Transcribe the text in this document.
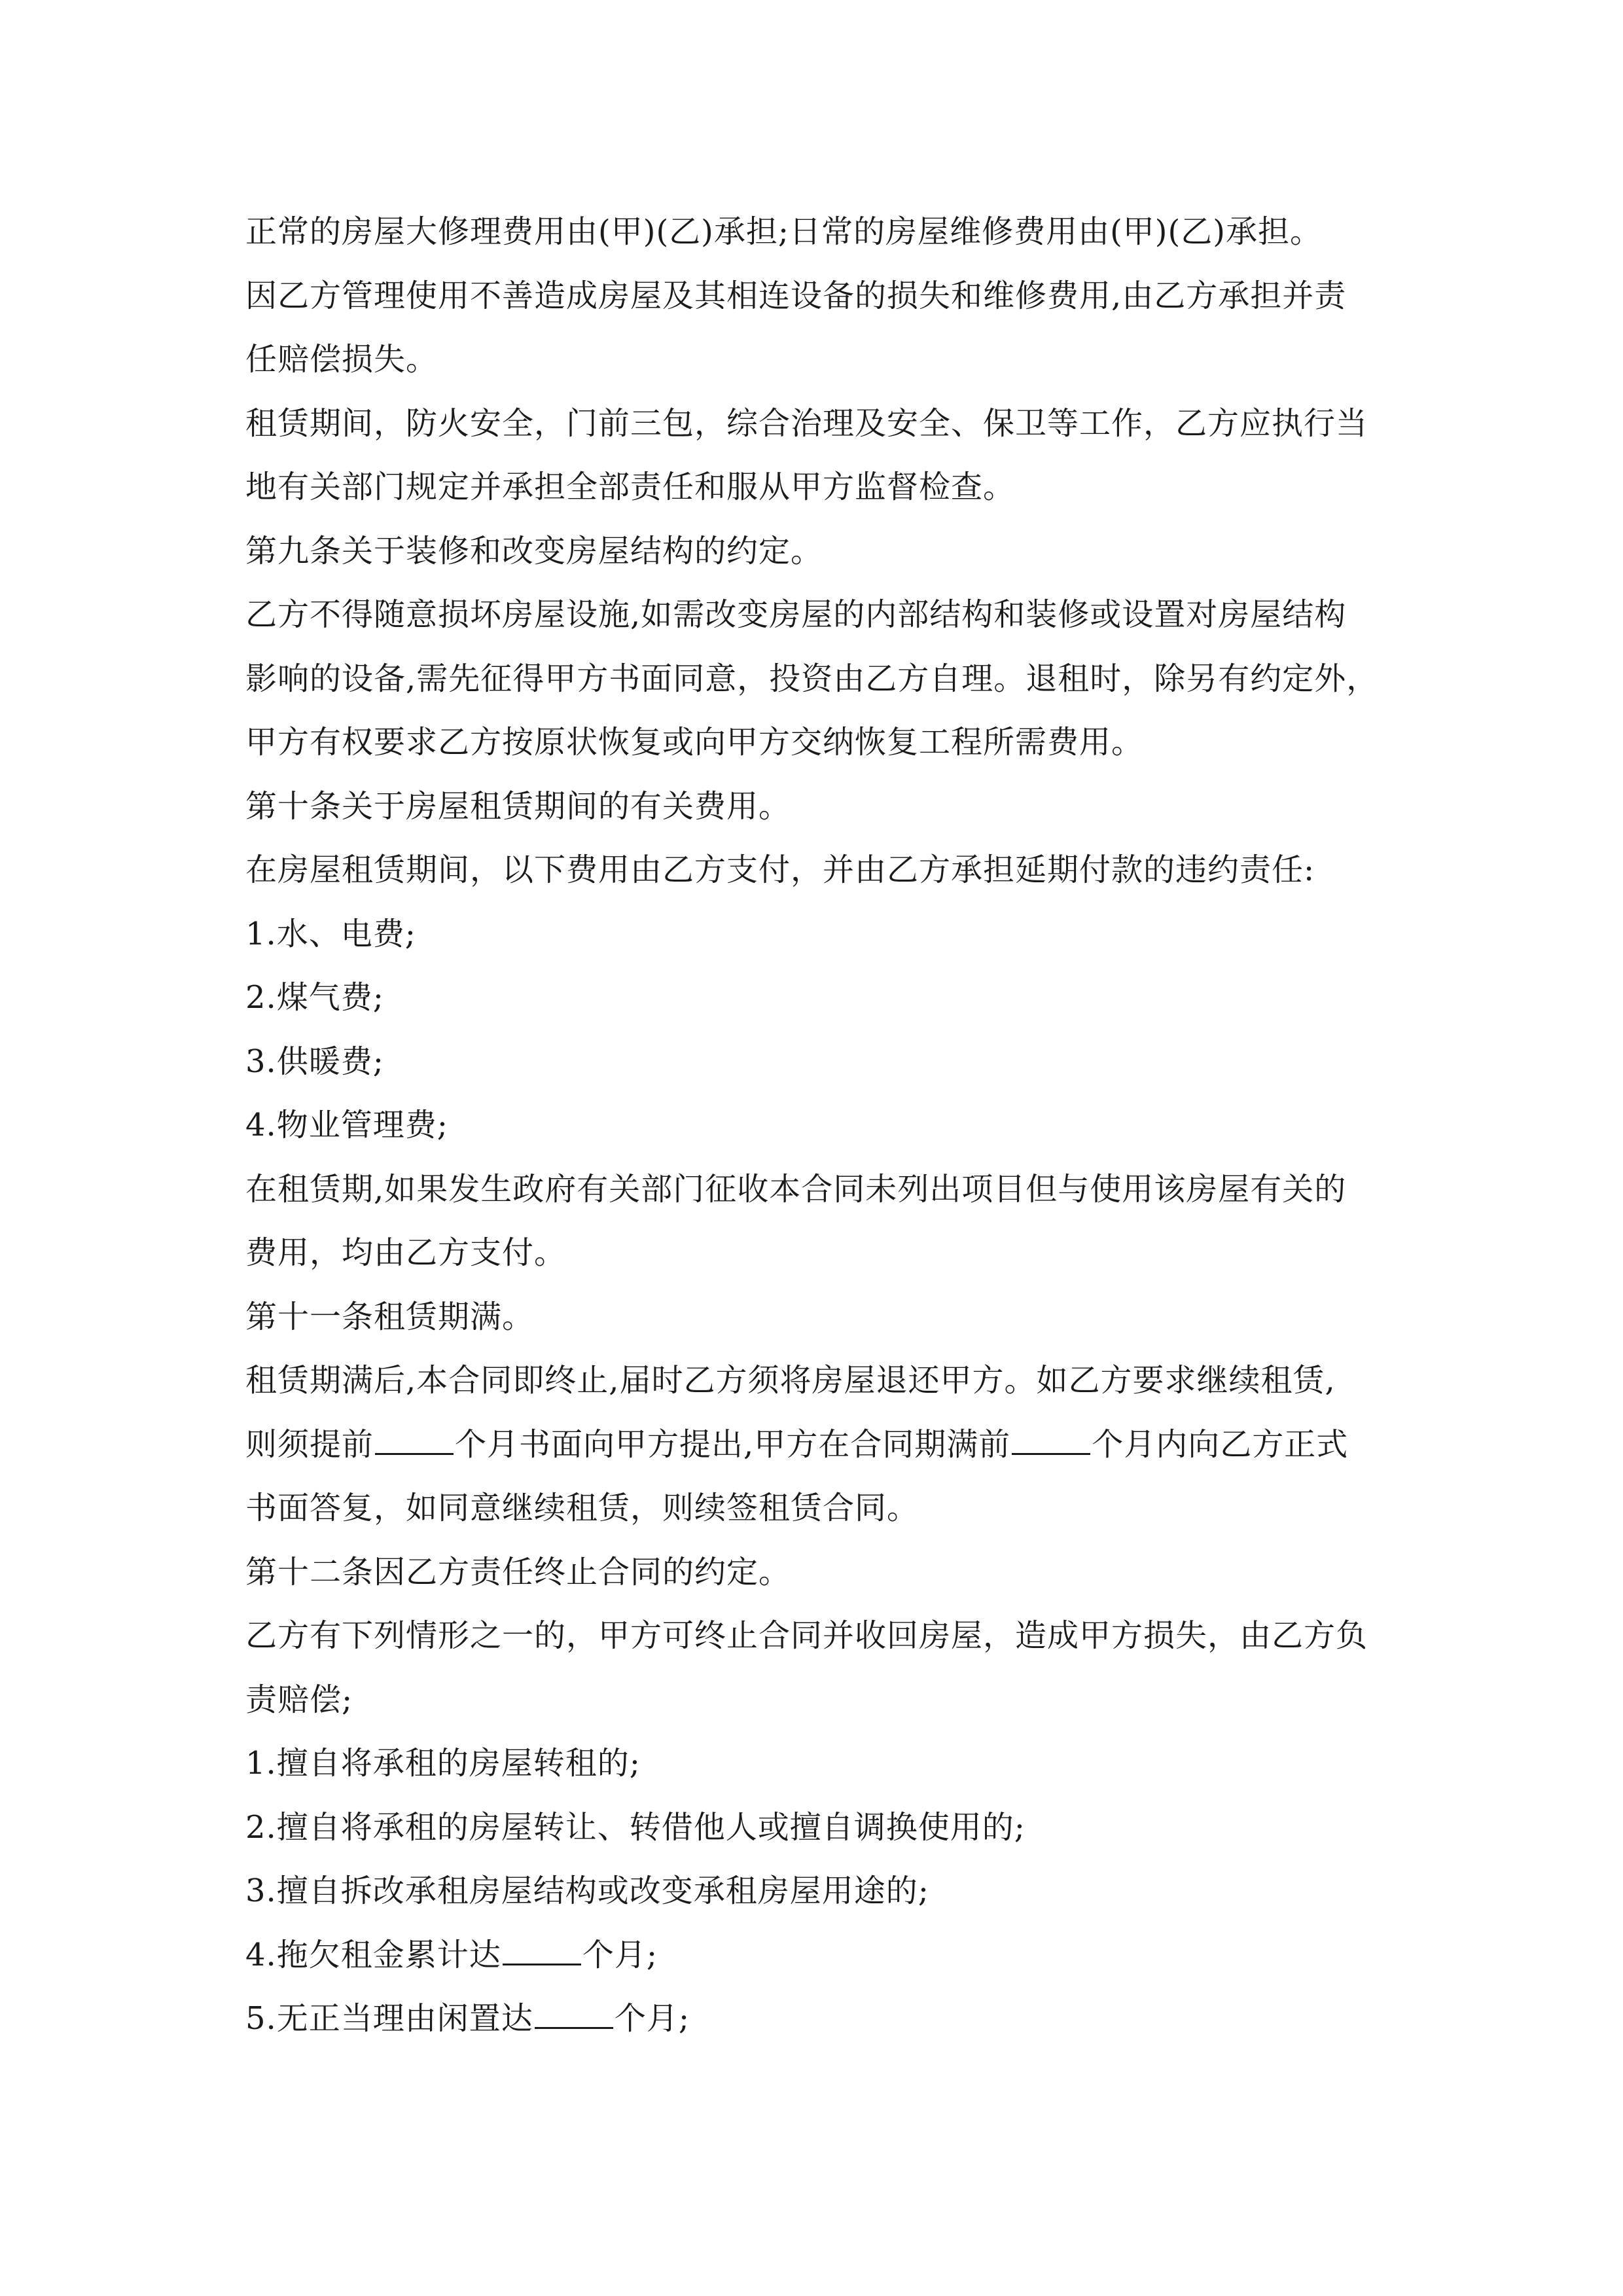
正常的房屋大修理费用由(甲)(乙)承担;日常的房屋维修费用由(甲)(乙)承担。
因乙方管理使用不善造成房屋及其相连设备的损失和维修费用,由乙方承担并责
任赔偿损失。
租赁期间，防火安全，门前三包，综合治理及安全、保卫等工作，乙方应执行当
地有关部门规定并承担全部责任和服从甲方监督检查。
第九条关于装修和改变房屋结构的约定。
乙方不得随意损坏房屋设施,如需改变房屋的内部结构和装修或设置对房屋结构
影响的设备,需先征得甲方书面同意，投资由乙方自理。退租时，除另有约定外，
甲方有权要求乙方按原状恢复或向甲方交纳恢复工程所需费用。
第十条关于房屋租赁期间的有关费用。
在房屋租赁期间，以下费用由乙方支付，并由乙方承担延期付款的违约责任:
1.水、电费;
2.煤气费;
3.供暖费;
4.物业管理费;
在租赁期,如果发生政府有关部门征收本合同未列出项目但与使用该房屋有关的
费用，均由乙方支付。
第十一条租赁期满。
租赁期满后,本合同即终止,届时乙方须将房屋退还甲方。如乙方要求继续租赁,
则须提前	个月书面向甲方提出,甲方在合同期满前	个月内向乙方正式
书面答复，如同意继续租赁，则续签租赁合同。
第十二条因乙方责任终止合同的约定。
乙方有下列情形之一的，甲方可终止合同并收回房屋，造成甲方损失，由乙方负
责赔偿;
1.擅自将承租的房屋转租的;
2.擅自将承租的房屋转让、转借他人或擅自调换使用的;
3.擅自拆改承租房屋结构或改变承租房屋用途的;
4.拖欠租金累计达	个月;
5.无正当理由闲置达	个月;
